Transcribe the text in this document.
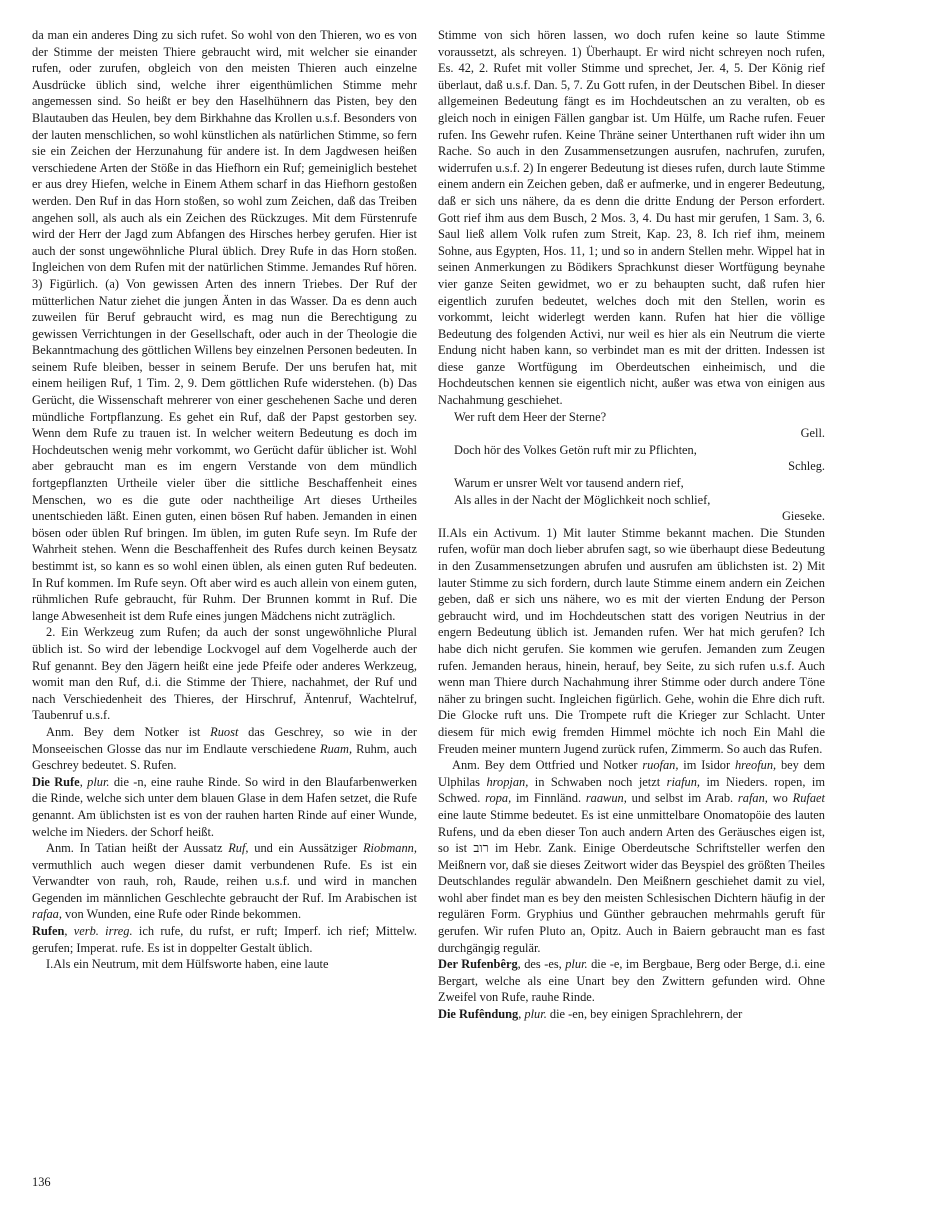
da man ein anderes Ding zu sich rufet. So wohl von den Thieren, wo es von der Stimme der meisten Thiere gebraucht wird, mit welcher sie einander rufen, oder zurufen, obgleich von den meisten Thieren auch einzelne Ausdrücke üblich sind, welche ihrer eigenthümlichen Stimme mehr angemessen sind. So heißt er bey den Haselhühnern das Pisten, bey den Blautauben das Heulen, bey dem Birkhahne das Krollen u.s.f. Besonders von der lauten menschlichen, so wohl künstlichen als natürlichen Stimme, so fern sie ein Zeichen der Herzunahung für andere ist. In dem Jagdwesen heißen verschiedene Arten der Stöße in das Hiefhorn ein Ruf; gemeiniglich bestehet er aus drey Hiefen, welche in Einem Athem scharf in das Hiefhorn gestoßen werden. Den Ruf in das Horn stoßen, so wohl zum Zeichen, daß das Treiben angehen soll, als auch als ein Zeichen des Rückzuges. Mit dem Fürstenrufe wird der Herr der Jagd zum Abfangen des Hirsches herbey gerufen. Hier ist auch der sonst ungewöhnliche Plural üblich. Drey Rufe in das Horn stoßen. Ingleichen von dem Rufen mit der natürlichen Stimme. Jemandes Ruf hören. 3) Figürlich. (a) Von gewissen Arten des innern Triebes. Der Ruf der mütterlichen Natur ziehet die jungen Änten in das Wasser. Da es denn auch zuweilen für Beruf gebraucht wird, es mag nun die Berechtigung zu gewissen Verrichtungen in der Gesellschaft, oder auch in der Theologie die Bekanntmachung des göttlichen Willens bey einzelnen Personen bedeuten. In seinem Rufe bleiben, besser in seinem Berufe. Der uns berufen hat, mit einem heiligen Ruf, 1 Tim. 2, 9. Dem göttlichen Rufe widerstehen. (b) Das Gerücht, die Wissenschaft mehrerer von einer geschehenen Sache und deren mündliche Fortpflanzung. Es gehet ein Ruf, daß der Papst gestorben sey. Wenn dem Rufe zu trauen ist. In welcher weitern Bedeutung es doch im Hochdeutschen wenig mehr vorkommt, wo Gerücht dafür üblicher ist. Wohl aber gebraucht man es im engern Verstande von dem mündlich fortgepflanzten Urtheile vieler über die sittliche Beschaffenheit eines Menschen, wo es die gute oder nachtheilige Art dieses Urtheiles unentschieden läßt. Einen guten, einen bösen Ruf haben. Jemanden in einen bösen oder üblen Ruf bringen. Im üblen, im guten Rufe seyn. Im Rufe der Wahrheit stehen. Wenn die Beschaffenheit des Rufes durch keinen Beysatz bestimmt ist, so kann es so wohl einen üblen, als einen guten Ruf bedeuten. In Ruf kommen. Im Rufe seyn. Oft aber wird es auch allein von einem guten, rühmlichen Rufe gebraucht, für Ruhm. Der Brunnen kommt in Ruf. Die lange Abwesenheit ist dem Rufe eines jungen Mädchens nicht zuträglich.

2. Ein Werkzeug zum Rufen; da auch der sonst ungewöhnliche Plural üblich ist. So wird der lebendige Lockvogel auf dem Vogelherde auch der Ruf genannt. Bey den Jägern heißt eine jede Pfeife oder anderes Werkzeug, womit man den Ruf, d.i. die Stimme der Thiere, nachahmet, der Ruf und nach Verschiedenheit des Thieres, der Hirschruf, Äntenruf, Wachtelruf, Taubenruf u.s.f.

Anm. Bey dem Notker ist Ruost das Geschrey, so wie in der Monseeischen Glosse das nur im Endlaute verschiedene Ruam, Ruhm, auch Geschrey bedeutet. S. Rufen.

Die Rufe, plur. die -n, eine rauhe Rinde. So wird in den Blaufarbenwerken die Rinde, welche sich unter dem blauen Glase in dem Hafen setzet, die Rufe genannt. Am üblichsten ist es von der rauhen harten Rinde auf einer Wunde, welche im Nieders. der Schorf heißt.

Anm. In Tatian heißt der Aussatz Ruf, und ein Aussätziger Riobmann, vermuthlich auch wegen dieser damit verbundenen Rufe. Es ist ein Verwandter von rauh, roh, Raude, reihen u.s.f. und wird in manchen Gegenden im männlichen Geschlechte gebraucht der Ruf. Im Arabischen ist rafaa, von Wunden, eine Rufe oder Rinde bekommen.

Rufen, verb. irreg. ich rufe, du rufst, er ruft; Imperf. ich rief; Mittelw. gerufen; Imperat. rufe. Es ist in doppelter Gestalt üblich.

I.Als ein Neutrum, mit dem Hülfsworte haben, eine laute

Stimme von sich hören lassen, wo doch rufen keine so laute Stimme voraussetzt, als schreyen. 1) Überhaupt. Er wird nicht schreyen noch rufen, Es. 42, 2. Rufet mit voller Stimme und sprechet, Jer. 4, 5. Der König rief überlaut, daß u.s.f. Dan. 5, 7. Zu Gott rufen, in der Deutschen Bibel. In dieser allgemeinen Bedeutung fängt es im Hochdeutschen an zu veralten, ob es gleich noch in einigen Fällen gangbar ist. Um Hülfe, um Rache rufen. Feuer rufen. Ins Gewehr rufen. Keine Thräne seiner Unterthanen ruft wider ihn um Rache. So auch in den Zusammensetzungen ausrufen, nachrufen, zurufen, widerrufen u.s.f. 2) In engerer Bedeutung ist dieses rufen, durch laute Stimme einem andern ein Zeichen geben, daß er aufmerke, und in engerer Bedeutung, daß er sich uns nähere, da es denn die dritte Endung der Person erfordert. Gott rief ihm aus dem Busch, 2 Mos. 3, 4. Du hast mir gerufen, 1 Sam. 3, 6. Saul ließ allem Volk rufen zum Streit, Kap. 23, 8. Ich rief ihm, meinem Sohne, aus Egypten, Hos. 11, 1; und so in andern Stellen mehr. Wippel hat in seinen Anmerkungen zu Bödikers Sprachkunst dieser Wortfügung beynahe vier ganze Seiten gewidmet, wo er zu behaupten sucht, daß rufen hier eigentlich zurufen bedeutet, welches doch mit den Stellen, worin es vorkommt, leicht widerlegt werden kann. Rufen hat hier die völlige Bedeutung des folgenden Activi, nur weil es hier als ein Neutrum die vierte Endung nicht haben kann, so verbindet man es mit der dritten. Indessen ist diese ganze Wortfügung im Oberdeutschen einheimisch, und die Hochdeutschen kennen sie eigentlich nicht, außer was etwa von einigen aus Nachahmung geschiehet.

Wer ruft dem Heer der Sterne?

Gell.

Doch hör des Volkes Getön ruft mir zu Pflichten,

Schleg.

Warum er unsrer Welt vor tausend andern rief,

Als alles in der Nacht der Möglichkeit noch schlief,

Gieseke.

II.Als ein Activum. 1) Mit lauter Stimme bekannt machen. Die Stunden rufen, wofür man doch lieber abrufen sagt, so wie überhaupt diese Bedeutung in den Zusammensetzungen abrufen und ausrufen am üblichsten ist. 2) Mit lauter Stimme zu sich fordern, durch laute Stimme einem andern ein Zeichen geben, daß er sich uns nähere, wo es mit der vierten Endung der Person gebraucht wird, und im Hochdeutschen statt des vorigen Neutrius in der engern Bedeutung üblich ist. Jemanden rufen. Wer hat mich gerufen? Ich habe dich nicht gerufen. Sie kommen wie gerufen. Jemanden zum Zeugen rufen. Jemanden heraus, hinein, herauf, bey Seite, zu sich rufen u.s.f. Auch wenn man Thiere durch Nachahmung ihrer Stimme oder durch andere Töne näher zu bringen sucht. Ingleichen figürlich. Gehe, wohin die Ehre dich ruft. Die Glocke ruft uns. Die Trompete ruft die Krieger zur Schlacht. Unter diesem für mich ewig fremden Himmel möchte ich noch Ein Mahl die Freuden meiner muntern Jugend zurück rufen, Zimmerm. So auch das Rufen.

Anm. Bey dem Ottfried und Notker ruofan, im Isidor hreofun, bey dem Ulphilas hropjan, in Schwaben noch jetzt riafun, im Nieders. ropen, im Schwed. ropa, im Finnländ. raawun, und selbst im Arab. rafan, wo Rufaet eine laute Stimme bedeutet. Es ist eine unmittelbare Onomatopöie des lauten Rufens, und da eben dieser Ton auch andern Arten des Geräusches eigen ist, so ist רוב im Hebr. Zank. Einige Oberdeutsche Schriftsteller werfen den Meißnern vor, daß sie dieses Zeitwort wider das Beyspiel des größten Theiles Deutschlandes regulär abwandeln. Den Meißnern geschiehet damit zu viel, wohl aber findet man es bey den meisten Schlesischen Dichtern häufig in der regulären Form. Gryphius und Günther gebrauchen mehrmahls geruft für gerufen. Wir rufen Pluto an, Opitz. Auch in Baiern gebraucht man es fast durchgängig regulär.

Der Rufenbêrg, des -es, plur. die -e, im Bergbaue, Berg oder Berge, d.i. eine Bergart, welche als eine Unart bey den Zwittern gefunden wird. Ohne Zweifel von Rufe, rauhe Rinde.

Die Rufêndung, plur. die -en, bey einigen Sprachlehrern, der

136
